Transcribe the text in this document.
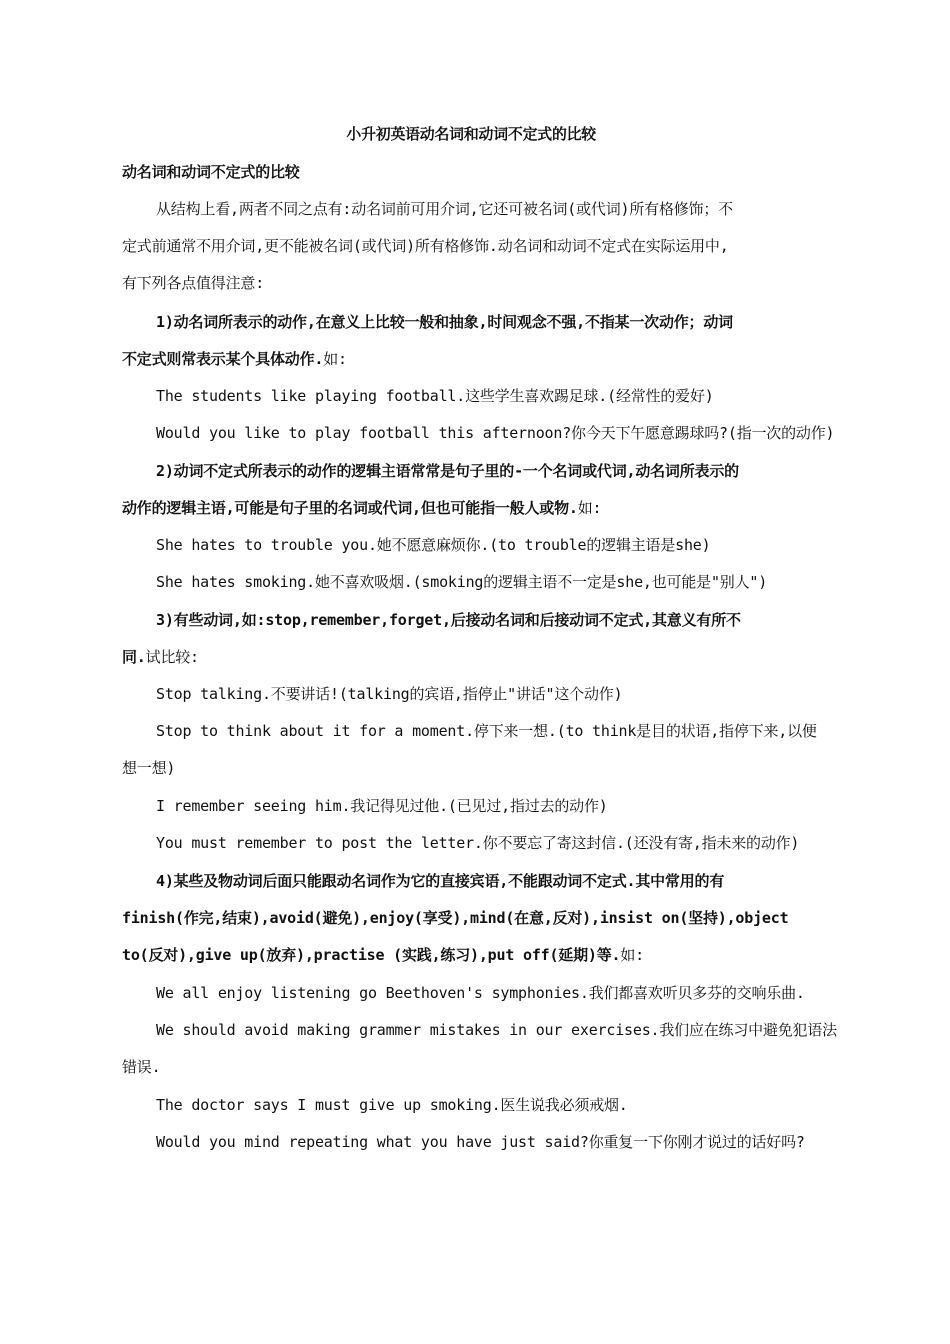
小升初英语动名词和动词不定式的比较

动名词和动词不定式的比较

从结构上看,两者不同之点有:动名词前可用介词,它还可被名词(或代词)所有格修饰；不

定式前通常不用介词,更不能被名词(或代词)所有格修饰.动名词和动词不定式在实际运用中,

有下列各点值得注意:

1)动名词所表示的动作,在意义上比较一般和抽象,时间观念不强,不指某一次动作；动词

不定式则常表示某个具体动作.如:

The students like playing football.这些学生喜欢踢足球.(经常性的爱好)

Would you like to play football this afternoon?你今天下午愿意踢球吗?(指一次的动作)

2)动词不定式所表示的动作的逻辑主语常常是句子里的-一个名词或代词,动名词所表示的

动作的逻辑主语,可能是句子里的名词或代词,但也可能指一般人或物.如:

She hates to trouble you.她不愿意麻烦你.(to trouble的逻辑主语是she)

She hates smoking.她不喜欢吸烟.(smoking的逻辑主语不一定是she,也可能是"别人")

3)有些动词,如:stop,remember,forget,后接动名词和后接动词不定式,其意义有所不

同.试比较:

Stop talking.不要讲话!(talking的宾语,指停止"讲话"这个动作)

Stop to think about it for a moment.停下来一想.(to think是目的状语,指停下来,以便

想一想)

I remember seeing him.我记得见过他.(已见过,指过去的动作)

You must remember to post the letter.你不要忘了寄这封信.(还没有寄,指未来的动作)

4)某些及物动词后面只能跟动名词作为它的直接宾语,不能跟动词不定式.其中常用的有

finish(作完,结束),avoid(避免),enjoy(享受),mind(在意,反对),insist on(坚持),object

to(反对),give up(放弃),practise (实践,练习),put off(延期)等.如:

We all enjoy listening go Beethoven's symphonies.我们都喜欢听贝多芬的交响乐曲.

We should avoid making grammer mistakes in our exercises.我们应在练习中避免犯语法

错误.

The doctor says I must give up smoking.医生说我必须戒烟.

Would you mind repeating what you have just said?你重复一下你刚才说过的话好吗?
